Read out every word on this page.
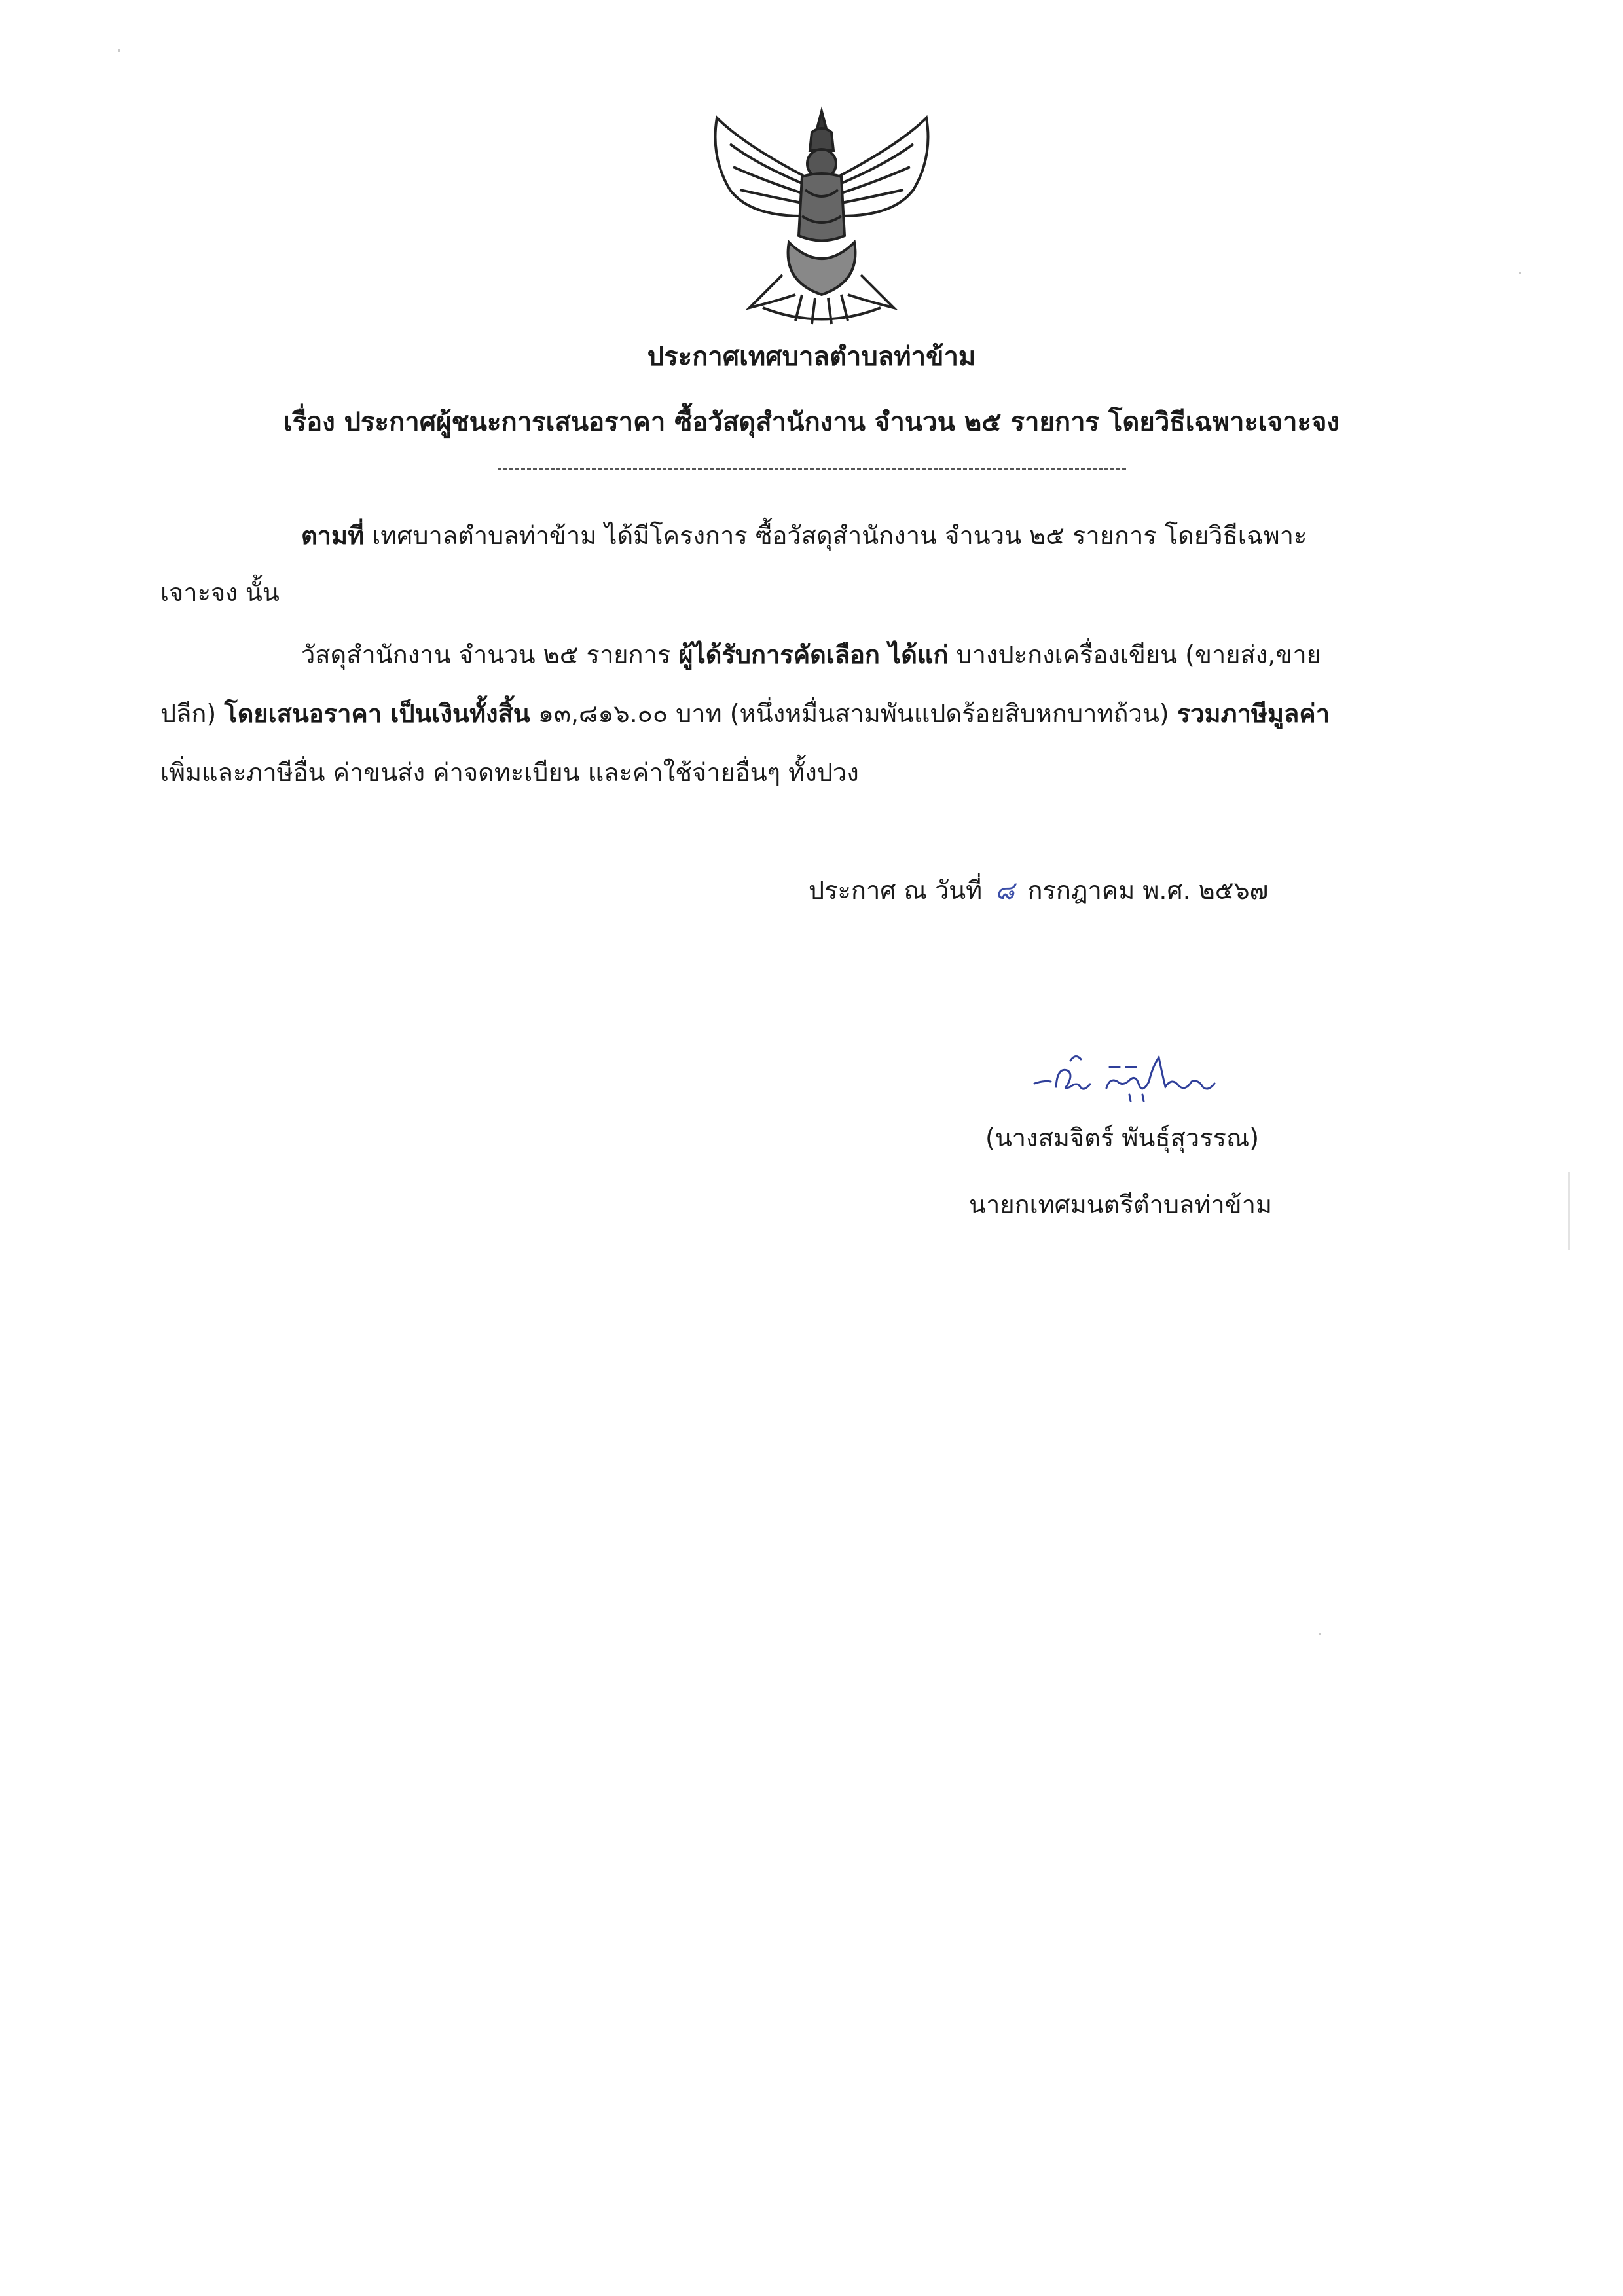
ประกาศเทศบาลตำบลท่าข้าม
เรื่อง ประกาศผู้ชนะการเสนอราคา ซื้อวัสดุสำนักงาน จำนวน ๒๕ รายการ โดยวิธีเฉพาะเจาะจง
ตามที่ เทศบาลตำบลท่าข้าม ได้มีโครงการ ซื้อวัสดุสำนักงาน จำนวน ๒๕ รายการ โดยวิธีเฉพาะ
เจาะจง นั้น
วัสดุสำนักงาน จำนวน ๒๕ รายการ ผู้ได้รับการคัดเลือก ได้แก่ บางปะกงเครื่องเขียน (ขายส่ง,ขาย
ปลีก) โดยเสนอราคา เป็นเงินทั้งสิ้น ๑๓,๘๑๖.๐๐ บาท (หนึ่งหมื่นสามพันแปดร้อยสิบหกบาทถ้วน) รวมภาษีมูลค่า
เพิ่มและภาษีอื่น ค่าขนส่ง ค่าจดทะเบียน และค่าใช้จ่ายอื่นๆ ทั้งปวง
ประกาศ ณ วันที่ ๘ กรกฎาคม พ.ศ. ๒๕๖๗
(นางสมจิตร์ พันธุ์สุวรรณ)
นายกเทศมนตรีตำบลท่าข้าม
